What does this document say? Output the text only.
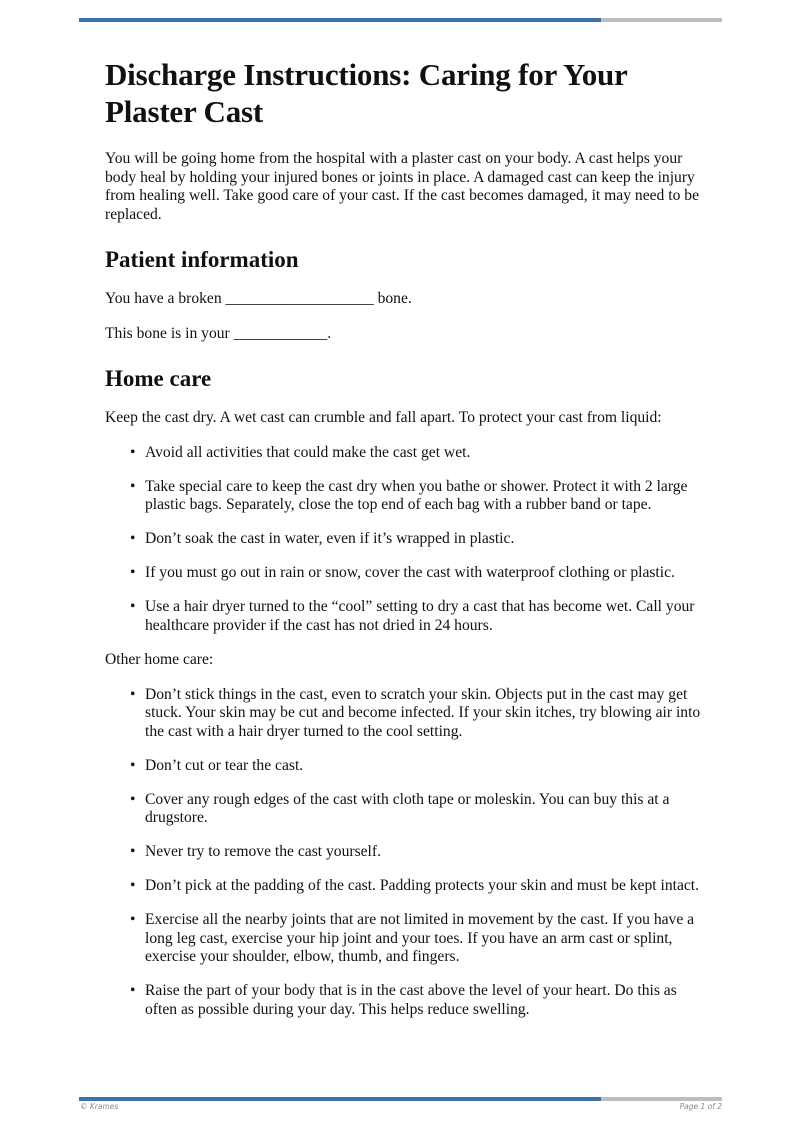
Discharge Instructions: Caring for Your Plaster Cast

You will be going home from the hospital with a plaster cast on your body. A cast helps your body heal by holding your injured bones or joints in place. A damaged cast can keep the injury from healing well. Take good care of your cast. If the cast becomes damaged, it may need to be replaced.

Patient information

You have a broken ___________________ bone.

This bone is in your ____________.

Home care

Keep the cast dry. A wet cast can crumble and fall apart. To protect your cast from liquid:

• Avoid all activities that could make the cast get wet.
• Take special care to keep the cast dry when you bathe or shower. Protect it with 2 large plastic bags. Separately, close the top end of each bag with a rubber band or tape.
• Don’t soak the cast in water, even if it’s wrapped in plastic.
• If you must go out in rain or snow, cover the cast with waterproof clothing or plastic.
• Use a hair dryer turned to the “cool” setting to dry a cast that has become wet. Call your healthcare provider if the cast has not dried in 24 hours.

Other home care:

• Don’t stick things in the cast, even to scratch your skin. Objects put in the cast may get stuck. Your skin may be cut and become infected. If your skin itches, try blowing air into the cast with a hair dryer turned to the cool setting.
• Don’t cut or tear the cast.
• Cover any rough edges of the cast with cloth tape or moleskin. You can buy this at a drugstore.
• Never try to remove the cast yourself.
• Don’t pick at the padding of the cast. Padding protects your skin and must be kept intact.
• Exercise all the nearby joints that are not limited in movement by the cast. If you have a long leg cast, exercise your hip joint and your toes. If you have an arm cast or splint, exercise your shoulder, elbow, thumb, and fingers.
• Raise the part of your body that is in the cast above the level of your heart. Do this as often as possible during your day. This helps reduce swelling.
© Krames	Page 1 of 2
